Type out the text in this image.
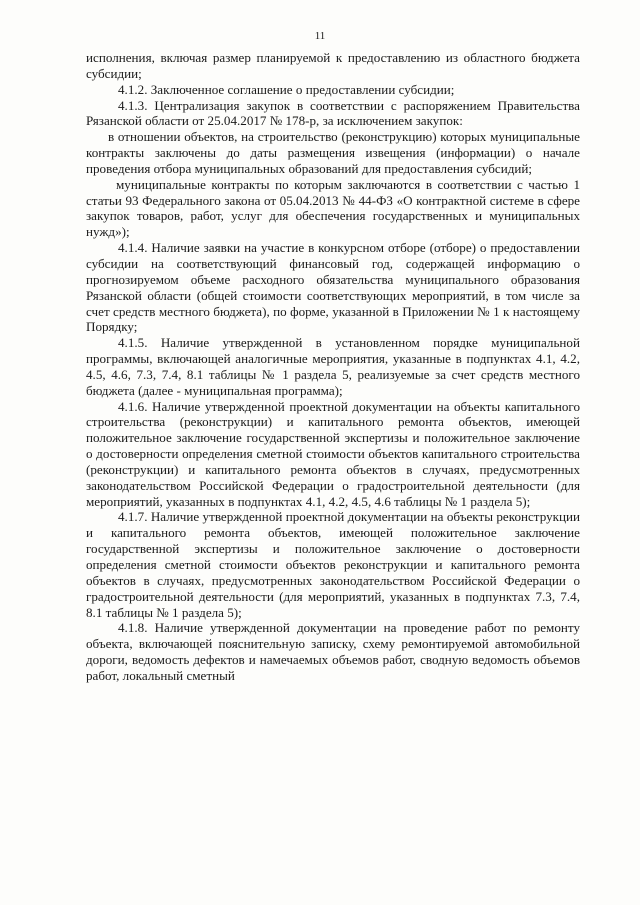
11

исполнения, включая размер планируемой к предоставлению из областного бюджета субсидии;

4.1.2. Заключенное соглашение о предоставлении субсидии;

4.1.3. Централизация закупок в соответствии с распоряжением Правительства Рязанской области от 25.04.2017 № 178-р, за исключением закупок:

в отношении объектов, на строительство (реконструкцию) которых муниципальные контракты заключены до даты размещения извещения (информации) о начале проведения отбора муниципальных образований для предоставления субсидий;

муниципальные контракты по которым заключаются в соответствии с частью 1 статьи 93 Федерального закона от 05.04.2013 № 44-ФЗ «О контрактной системе в сфере закупок товаров, работ, услуг для обеспечения государственных и муниципальных нужд»);

4.1.4. Наличие заявки на участие в конкурсном отборе (отборе) о предоставлении субсидии на соответствующий финансовый год, содержащей информацию о прогнозируемом объеме расходного обязательства муниципального образования Рязанской области (общей стоимости соответствующих мероприятий, в том числе за счет средств местного бюджета), по форме, указанной в Приложении № 1 к настоящему Порядку;

4.1.5. Наличие утвержденной в установленном порядке муниципальной программы, включающей аналогичные мероприятия, указанные в подпунктах 4.1, 4.2, 4.5, 4.6, 7.3, 7.4, 8.1 таблицы № 1 раздела 5, реализуемые за счет средств местного бюджета (далее - муниципальная программа);

4.1.6. Наличие утвержденной проектной документации на объекты капитального строительства (реконструкции) и капитального ремонта объектов, имеющей положительное заключение государственной экспертизы и положительное заключение о достоверности определения сметной стоимости объектов капитального строительства (реконструкции) и капитального ремонта объектов в случаях, предусмотренных законодательством Российской Федерации о градостроительной деятельности (для мероприятий, указанных в подпунктах 4.1, 4.2, 4.5, 4.6 таблицы № 1 раздела 5);

4.1.7. Наличие утвержденной проектной документации на объекты реконструкции и капитального ремонта объектов, имеющей положительное заключение государственной экспертизы и положительное заключение о достоверности определения сметной стоимости объектов реконструкции и капитального ремонта объектов в случаях, предусмотренных законодательством Российской Федерации о градостроительной деятельности (для мероприятий, указанных в подпунктах 7.3, 7.4, 8.1 таблицы № 1 раздела 5);

4.1.8. Наличие утвержденной документации на проведение работ по ремонту объекта, включающей пояснительную записку, схему ремонтируемой автомобильной дороги, ведомость дефектов и намечаемых объемов работ, сводную ведомость объемов работ, локальный сметный
